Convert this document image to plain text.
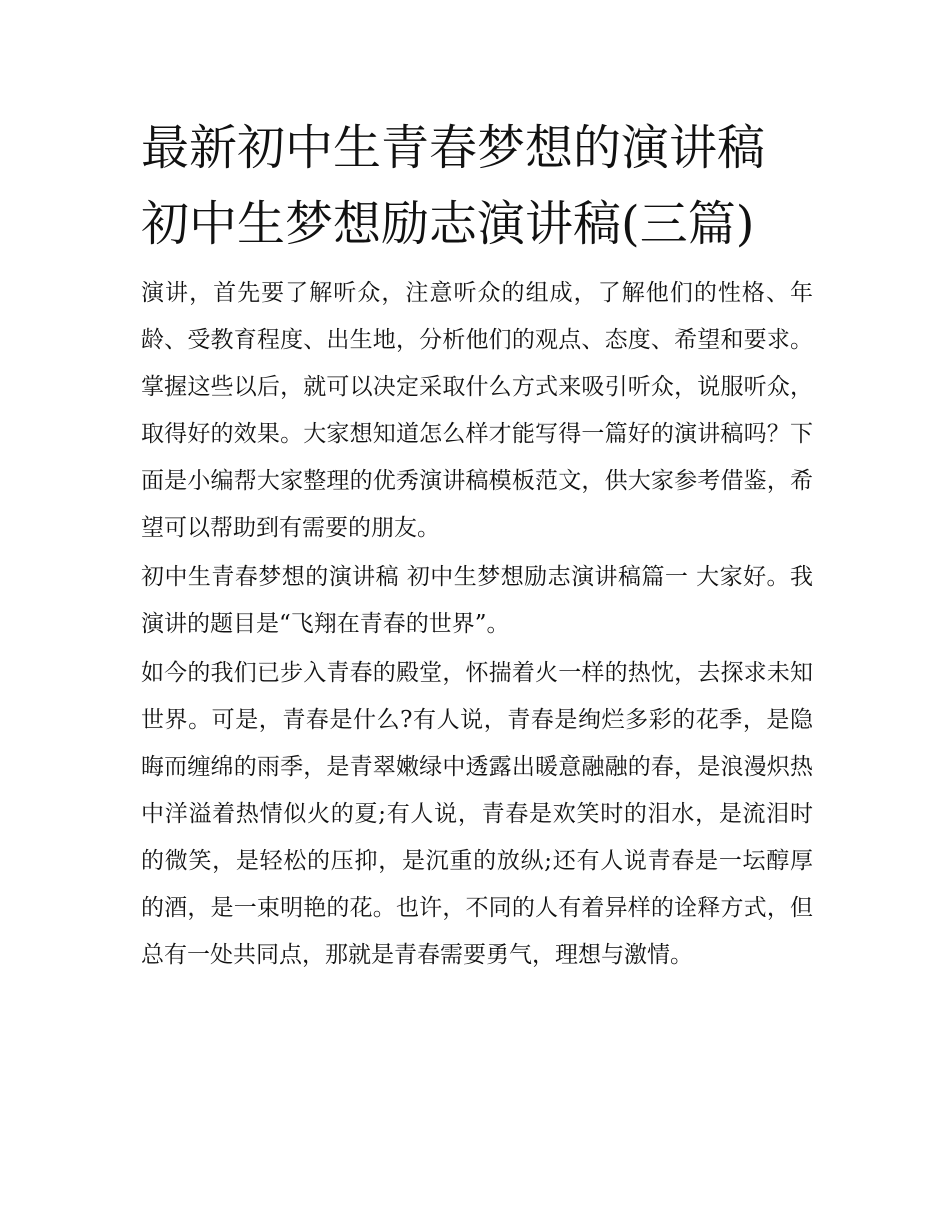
最新初中生青春梦想的演讲稿
初中生梦想励志演讲稿(三篇)

演讲，首先要了解听众，注意听众的组成，了解他们的性格、年龄、受教育程度、出生地，分析他们的观点、态度、希望和要求。掌握这些以后，就可以决定采取什么方式来吸引听众，说服听众，取得好的效果。大家想知道怎么样才能写得一篇好的演讲稿吗？下面是小编帮大家整理的优秀演讲稿模板范文，供大家参考借鉴，希望可以帮助到有需要的朋友。

初中生青春梦想的演讲稿 初中生梦想励志演讲稿篇一 大家好。我演讲的题目是“飞翔在青春的世界”。

如今的我们已步入青春的殿堂，怀揣着火一样的热忱，去探求未知世界。可是，青春是什么?有人说，青春是绚烂多彩的花季，是隐晦而缠绵的雨季，是青翠嫩绿中透露出暖意融融的春，是浪漫炽热中洋溢着热情似火的夏;有人说，青春是欢笑时的泪水，是流泪时的微笑，是轻松的压抑，是沉重的放纵;还有人说青春是一坛醇厚的酒，是一束明艳的花。也许，不同的人有着异样的诠释方式，但总有一处共同点，那就是青春需要勇气，理想与激情。
